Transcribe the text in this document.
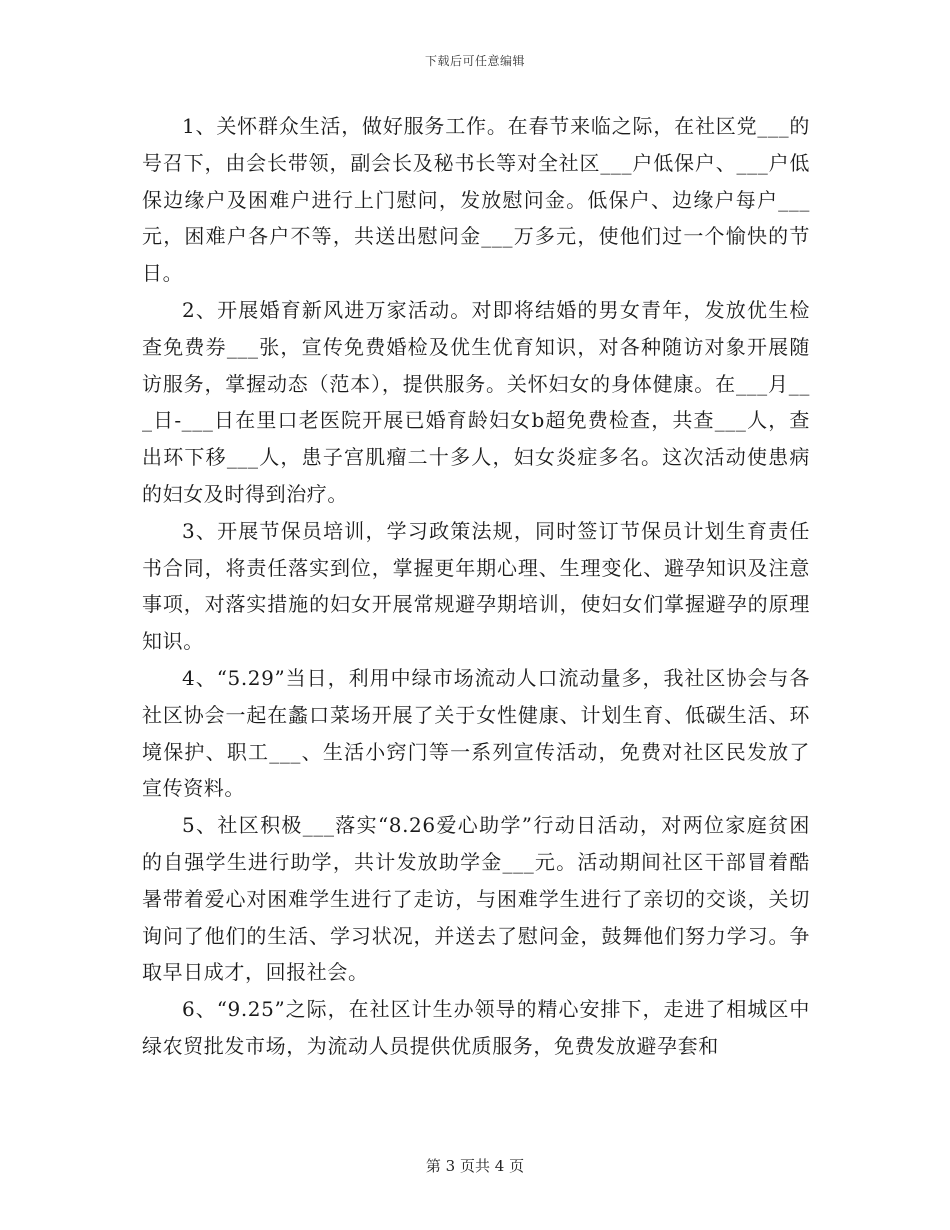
下载后可任意编辑

1、关怀群众生活，做好服务工作。在春节来临之际，在社区党___的号召下，由会长带领，副会长及秘书长等对全社区___户低保户、___户低保边缘户及困难户进行上门慰问，发放慰问金。低保户、边缘户每户___元，困难户各户不等，共送出慰问金___万多元，使他们过一个愉快的节日。

2、开展婚育新风进万家活动。对即将结婚的男女青年，发放优生检查免费券___张，宣传免费婚检及优生优育知识，对各种随访对象开展随访服务，掌握动态（范本），提供服务。关怀妇女的身体健康。在___月___日-___日在里口老医院开展已婚育龄妇女b超免费检查，共查___人，查出环下移___人，患子宫肌瘤二十多人，妇女炎症多名。这次活动使患病的妇女及时得到治疗。

3、开展节保员培训，学习政策法规，同时签订节保员计划生育责任书合同，将责任落实到位，掌握更年期心理、生理变化、避孕知识及注意事项，对落实措施的妇女开展常规避孕期培训，使妇女们掌握避孕的原理知识。

4、“5.29”当日，利用中绿市场流动人口流动量多，我社区协会与各社区协会一起在蠡口菜场开展了关于女性健康、计划生育、低碳生活、环境保护、职工___、生活小窍门等一系列宣传活动，免费对社区民发放了宣传资料。

5、社区积极___落实“8.26爱心助学”行动日活动，对两位家庭贫困的自强学生进行助学，共计发放助学金___元。活动期间社区干部冒着酷暑带着爱心对困难学生进行了走访，与困难学生进行了亲切的交谈，关切询问了他们的生活、学习状况，并送去了慰问金，鼓舞他们努力学习。争取早日成才，回报社会。

6、“9.25”之际，在社区计生办领导的精心安排下，走进了相城区中绿农贸批发市场，为流动人员提供优质服务，免费发放避孕套和

第 3 页共 4 页
